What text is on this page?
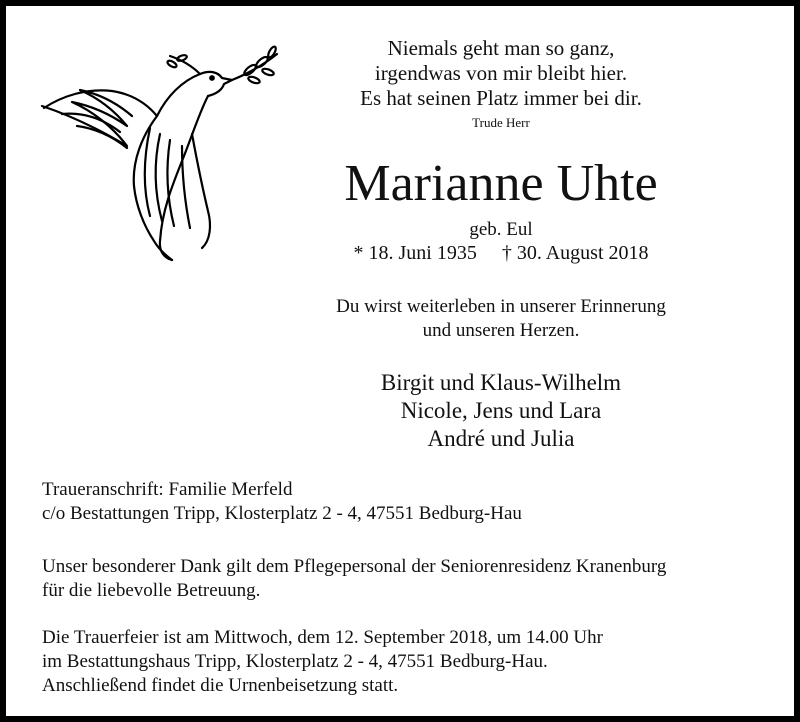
Niemals geht man so ganz,
irgendwas von mir bleibt hier.
Es hat seinen Platz immer bei dir.
Trude Herr
Marianne Uhte
geb. Eul
* 18. Juni 1935 † 30. August 2018
Du wirst weiterleben in unserer Erinnerung
und unseren Herzen.
Birgit und Klaus-Wilhelm
Nicole, Jens und Lara
André und Julia
Traueranschrift: Familie Merfeld
c/o Bestattungen Tripp, Klosterplatz 2 - 4, 47551 Bedburg-Hau
Unser besonderer Dank gilt dem Pflegepersonal der Seniorenresidenz Kranenburg
für die liebevolle Betreuung.
Die Trauerfeier ist am Mittwoch, dem 12. September 2018, um 14.00 Uhr
im Bestattungshaus Tripp, Klosterplatz 2 - 4, 47551 Bedburg-Hau.
Anschließend findet die Urnenbeisetzung statt.
